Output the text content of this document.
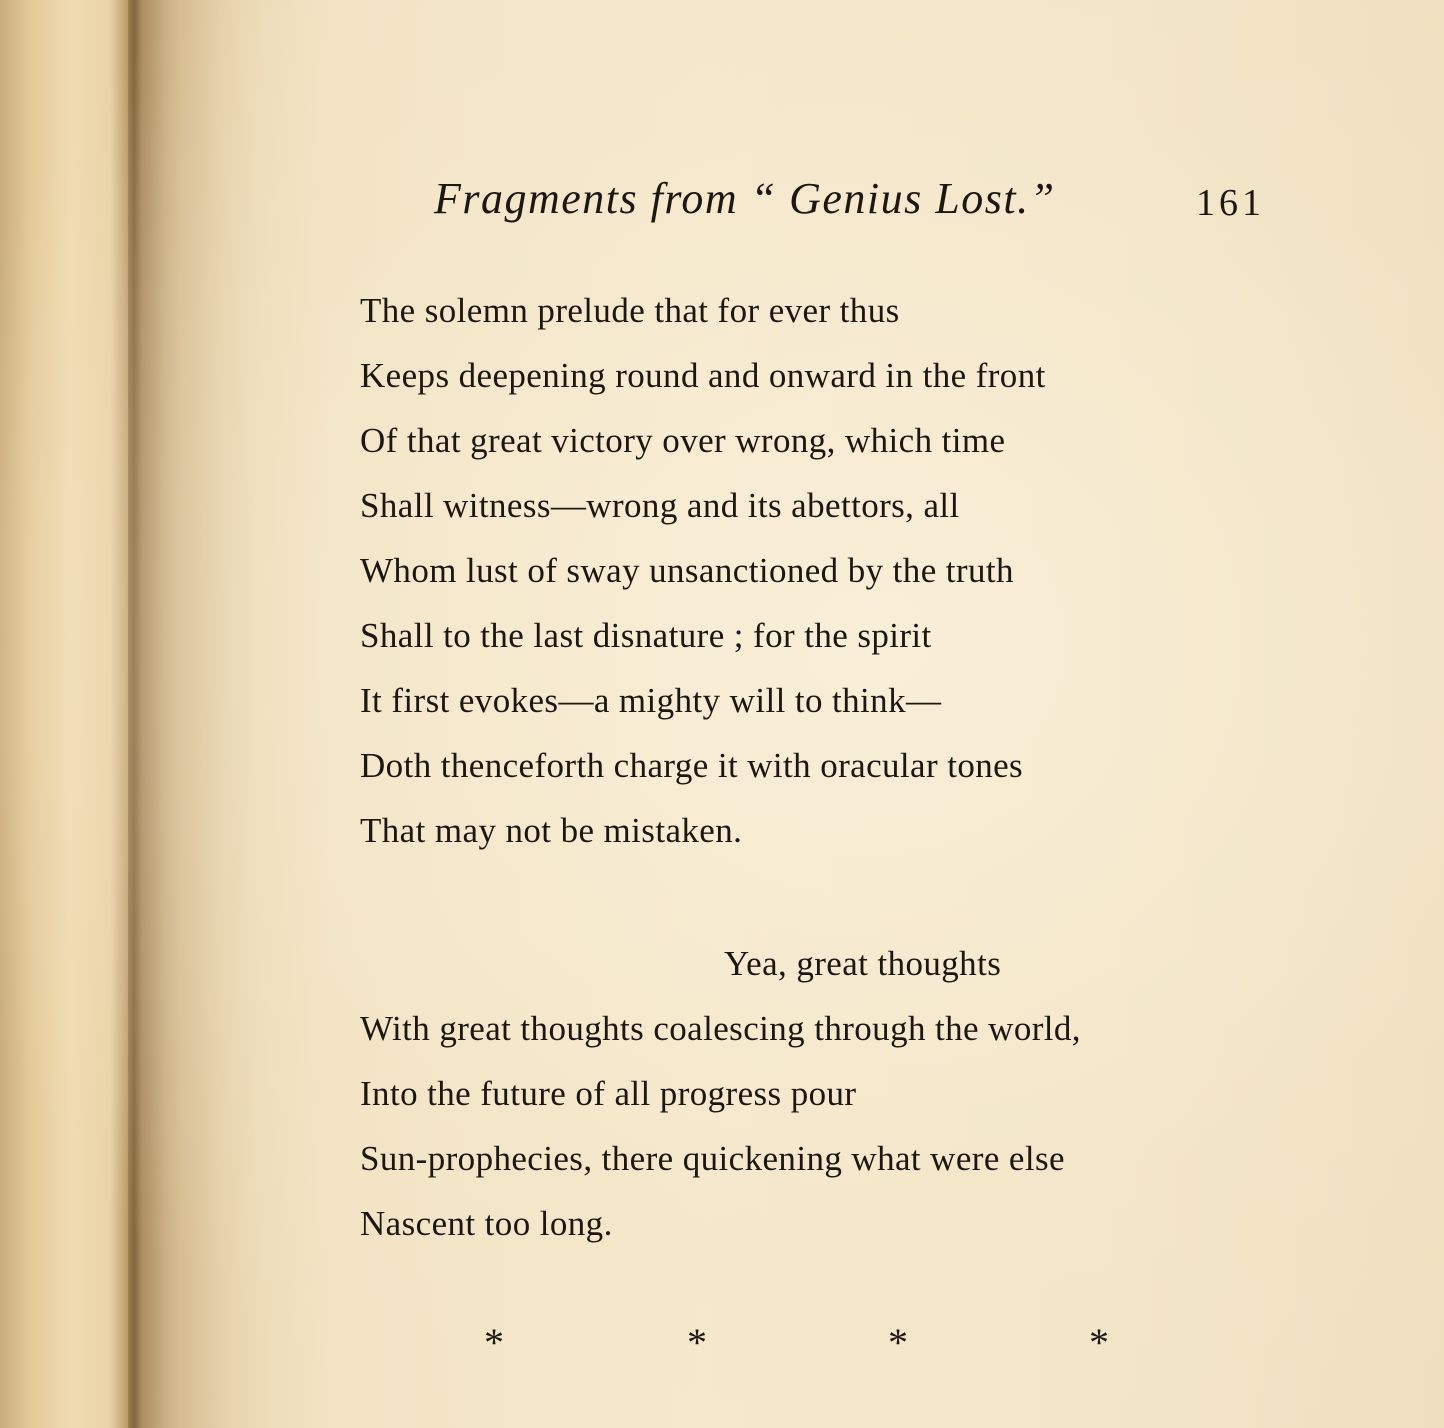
Fragments from “ Genius Lost.”	161
The solemn prelude that for ever thus
Keeps deepening round and onward in the front
Of that great victory over wrong, which time
Shall witness—wrong and its abettors, all
Whom lust of sway unsanctioned by the truth
Shall to the last disnature ; for the spirit
It first evokes—a mighty will to think—
Doth thenceforth charge it with oracular tones
That may not be mistaken.
Yea, great thoughts
With great thoughts coalescing through the world,
Into the future of all progress pour
Sun-prophecies, there quickening what were else
Nascent too long.
*	*	*	*
